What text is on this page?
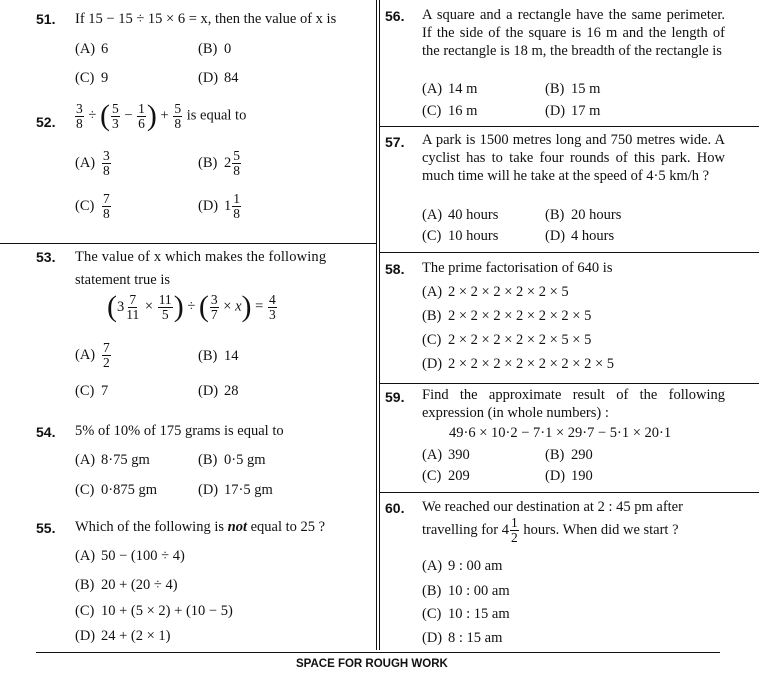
51. If 15 − 15 ÷ 15 × 6 = x, then the value of x is
(A) 6	(B) 0
(C) 9	(D) 84
52. $\frac{3}{8}$ ÷ ( $\frac{5}{3} - \frac{1}{6}$ ) + $\frac{5}{8}$ is equal to
$(A) \frac{3}{8}$	(B) $2 \frac{5}{8}$
$(C) \frac{7}{8}$	(D) $1 \frac{1}{8}$
53. The value of x which makes the following
statement true is
( $3 \frac{7}{11} \times \frac{11}{5}$ ) ÷ ( $\frac{3}{7} \times x) = \frac{4}{3}$
$(A) \frac{7}{2}$	(B) 14
(C) 7	(D) 28
54. 5% of 10% of 175 grams is equal to
(A) 8·75 gm	(B) 0·5 gm
(C) 0·875 gm	(D) 17·5 gm
55. Which of the following is not equal to 25 ?
(A) 50 − (100 ÷ 4)
(B) 20 + (20 ÷ 4)
(C) 10 + (5 × 2) + (10 − 5)
(D) 24 + (2 × 1)
56. A square and a rectangle have the same perimeter. If the side of the square is 16 m and the length of the rectangle is 18 m, the breadth of the rectangle is
(A) 14 m	(B) 15 m
(C) 16 m	(D) 17 m
57. A park is 1500 metres long and 750 metres wide. A cyclist has to take four rounds of this park. How much time will he take at the speed of 4·5 km/h ?
(A) 40 hours	(B) 20 hours
(C) 10 hours	(D) 4 hours
58. The prime factorisation of 640 is
(A) 2 × 2 × 2 × 2 × 2 × 5
(B) 2 × 2 × 2 × 2 × 2 × 2 × 5
(C) 2 × 2 × 2 × 2 × 2 × 5 × 5
(D) 2 × 2 × 2 × 2 × 2 × 2 × 2 × 5
59. Find the approximate result of the following expression (in whole numbers) :
49·6 × 10·2 − 7·1 × 29·7 − 5·1 × 20·1
(A) 390	(B) 290
(C) 209	(D) 190
60. We reached our destination at 2 : 45 pm after
travelling for $4 \frac{1}{2}$ hours. When did we start ?
(A) 9 : 00 am
(B) 10 : 00 am
(C) 10 : 15 am
(D) 8 : 15 am
SPACE FOR ROUGH WORK
